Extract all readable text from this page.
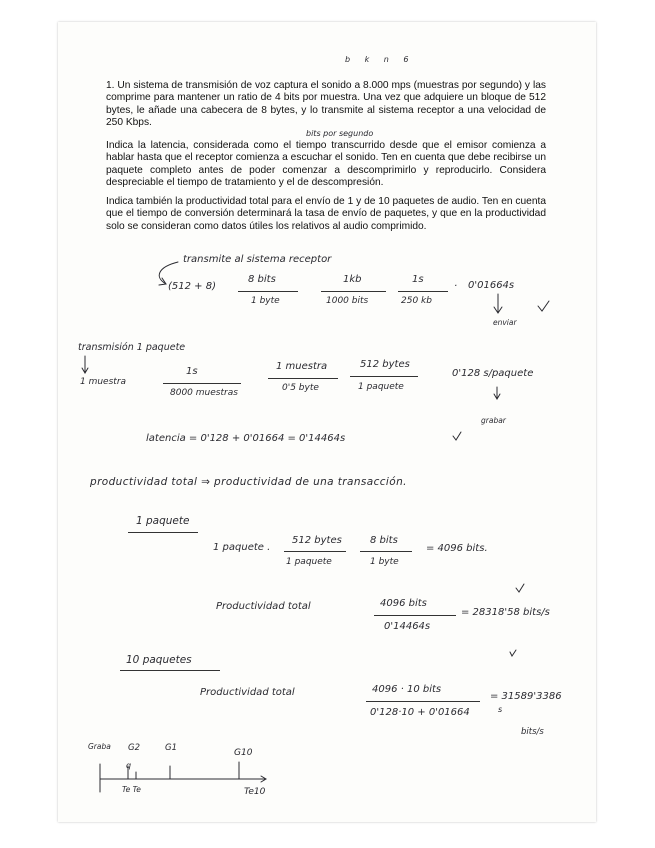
b k n 6
1. Un sistema de transmisión de voz captura el sonido a 8.000 mps (muestras por segundo) y las comprime para mantener un ratio de 4 bits por muestra. Una vez que adquiere un bloque de 512 bytes, le añade una cabecera de 8 bytes, y lo transmite al sistema receptor a una velocidad de 250 Kbps.
bits por segundo
Indica la latencia, considerada como el tiempo transcurrido desde que el emisor comienza a hablar hasta que el receptor comienza a escuchar el sonido. Ten en cuenta que debe recibirse un paquete completo antes de poder comenzar a descomprimirlo y reproducirlo. Considera despreciable el tiempo de tratamiento y el de descompresión.
Indica también la productividad total para el envío de 1 y de 10 paquetes de audio. Ten en cuenta que el tiempo de conversión determinará la tasa de envío de paquetes, y que en la productividad solo se consideran como datos útiles los relativos al audio comprimido.
transmite al sistema receptor
(512 + 8)
8 bits
1 byte
1kb
1000 bits
1s
250 kb
· 0'01664s
enviar
transmisión 1 paquete
1 muestra
1s
8000 muestras
1 muestra
0'5 byte
512 bytes
1 paquete
0'128 s/paquete
grabar
latencia = 0'128 + 0'01664 = 0'14464s
productividad total ⇒ productividad de una transacción.
1 paquete
1 paquete .
512 bytes
1 paquete
8 bits
1 byte
= 4096 bits.
Productividad total	4096 bits
0'14464s
= 28318'58 bits/s
10 paquetes
Productividad total	4096 · 10 bits
0'128·10 + 0'01664	s
= 31589'3386
bits/s
Graba G2	G1	G10
q
Te Te	Te10
